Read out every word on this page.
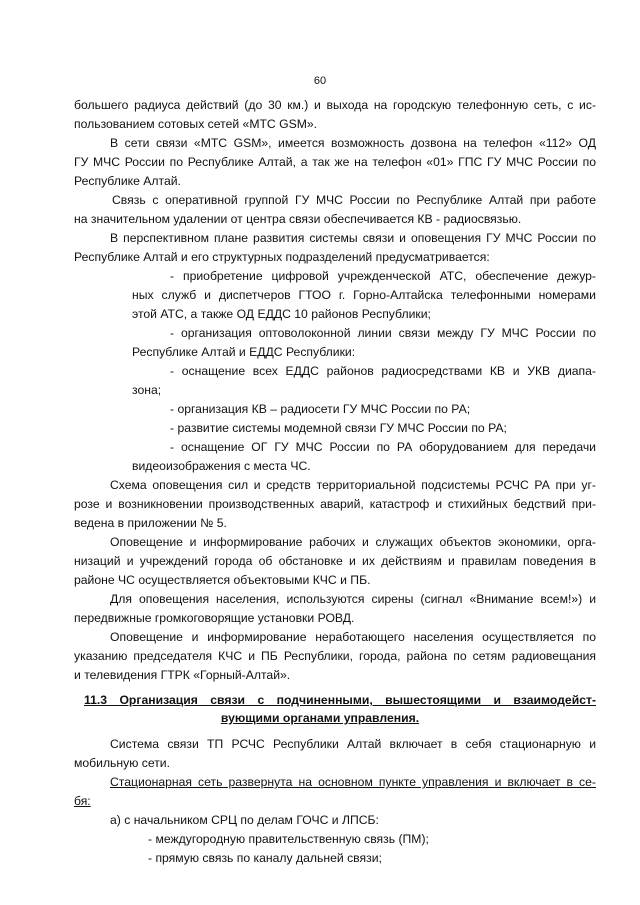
60
большего радиуса действий (до 30 км.) и выхода на городскую телефонную сеть, с ис-
пользованием сотовых сетей «МТС GSM».
В сети связи «МТС GSM», имеется возможность дозвона на телефон «112» ОД
ГУ МЧС России по Республике Алтай, а так же на телефон «01» ГПС ГУ МЧС России по
Республике Алтай.
Связь с оперативной группой ГУ МЧС России по Республике Алтай при работе
на значительном удалении от центра связи обеспечивается КВ - радиосвязью.
В перспективном плане развития системы связи и оповещения ГУ МЧС России по
Республике Алтай и его структурных подразделений предусматривается:
- приобретение цифровой учрежденческой АТС, обеспечение дежур-
ных служб и диспетчеров ГТОО г. Горно-Алтайска телефонными номерами
этой АТС, а также ОД ЕДДС 10 районов Республики;
- организация оптоволоконной линии связи между ГУ МЧС России по
Республике Алтай и ЕДДС Республики:
- оснащение всех ЕДДС районов радиосредствами КВ и УКВ диапа-
зона;
- организация КВ – радиосети ГУ МЧС России по РА;
- развитие системы модемной связи ГУ МЧС России по РА;
- оснащение ОГ ГУ МЧС России по РА оборудованием для передачи
видеоизображения с места ЧС.
Схема оповещения сил и средств территориальной подсистемы РСЧС РА при уг-
розе и возникновении производственных аварий, катастроф и стихийных бедствий при-
ведена в приложении № 5.
Оповещение и информирование рабочих и служащих объектов экономики, орга-
низаций и учреждений города об обстановке и их действиям и правилам поведения в
районе ЧС осуществляется объектовыми КЧС и ПБ.
Для оповещения населения, используются сирены (сигнал «Внимание всем!») и
передвижные громкоговорящие установки РОВД.
Оповещение и информирование неработающего населения осуществляется по
указанию председателя КЧС и ПБ Республики, города, района по сетям радиовещания
и телевидения ГТРК «Горный-Алтай».
11.3 Организация связи с подчиненными, вышестоящими и взаимодейст-
вующими органами управления.
Система связи ТП РСЧС Республики Алтай включает в себя стационарную и
мобильную сети.
Стационарная сеть развернута на основном пункте управления и включает в се-
бя:
а) с начальником СРЦ по делам ГОЧС и ЛПСБ:
- междугородную правительственную связь (ПМ);
- прямую связь по каналу дальней связи;
